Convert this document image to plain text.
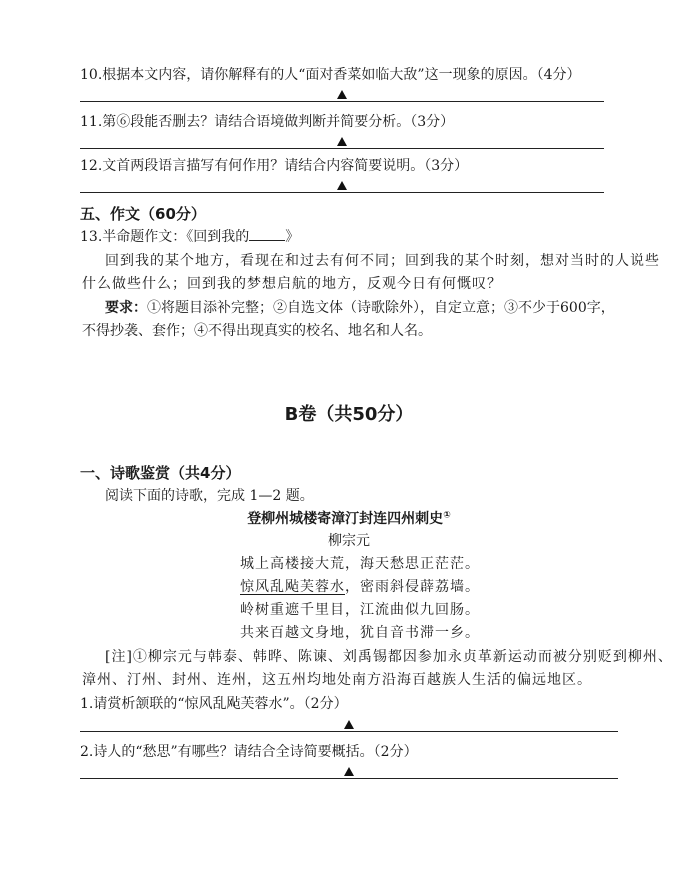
10.根据本文内容，请你解释有的人“面对香菜如临大敌”这一现象的原因。（4分）
11.第⑥段能否删去？请结合语境做判断并简要分析。（3分）
12.文首两段语言描写有何作用？请结合内容简要说明。（3分）
五、作文（60分）
13.半命题作文：《回到我的	》
回到我的某个地方，看现在和过去有何不同；回到我的某个时刻，想对当时的人说些
什么做些什么；回到我的梦想启航的地方，反观今日有何慨叹？
要求：①将题目添补完整；②自选文体（诗歌除外），自定立意；③不少于600字，
不得抄袭、套作；④不得出现真实的校名、地名和人名。
B卷（共50分）
一、诗歌鉴赏（共4分）
阅读下面的诗歌，完成 1—2 题。
登柳州城楼寄漳汀封连四州刺史①
柳宗元
城上高楼接大荒，海天愁思正茫茫。
惊风乱飐芙蓉水，密雨斜侵薜荔墙。
岭树重遮千里目，江流曲似九回肠。
共来百越文身地，犹自音书滞一乡。
[注]①柳宗元与韩泰、韩晔、陈谏、刘禹锡都因参加永贞革新运动而被分别贬到柳州、
漳州、汀州、封州、连州，这五州均地处南方沿海百越族人生活的偏远地区。
1.请赏析颔联的“惊风乱飐芙蓉水”。（2分）
2.诗人的“愁思”有哪些？请结合全诗简要概括。（2分）
